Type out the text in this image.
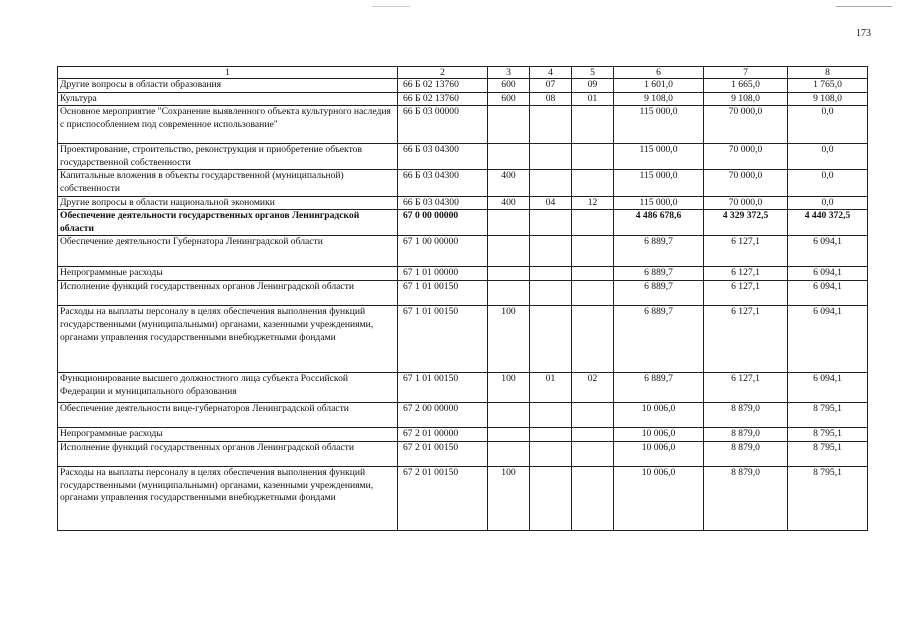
173
1	2	3	4	5	6	7	8
Другие вопросы в области образования	66 Б 02 13760	600	07	09	1 601,0	1 665,0	1 765,0
Культура	66 Б 02 13760	600	08	01	9 108,0	9 108,0	9 108,0
Основное мероприятие "Сохранение выявленного объекта культурного наследия с приспособлением под современное использование"	66 Б 03 00000				115 000,0	70 000,0	0,0
Проектирование, строительство, реконструкция и приобретение объектов государственной собственности	66 Б 03 04300				115 000,0	70 000,0	0,0
Капитальные вложения в объекты государственной (муниципальной) собственности	66 Б 03 04300	400			115 000,0	70 000,0	0,0
Другие вопросы в области национальной экономики	66 Б 03 04300	400	04	12	115 000,0	70 000,0	0,0
Обеспечение деятельности государственных органов Ленинградской области	67 0 00 00000				4 486 678,6	4 329 372,5	4 440 372,5
Обеспечение деятельности Губернатора Ленинградской области	67 1 00 00000				6 889,7	6 127,1	6 094,1
Непрограммные расходы	67 1 01 00000				6 889,7	6 127,1	6 094,1
Исполнение функций государственных органов Ленинградской области	67 1 01 00150				6 889,7	6 127,1	6 094,1
Расходы на выплаты персоналу в целях обеспечения выполнения функций государственными (муниципальными) органами, казенными учреждениями, органами управления государственными внебюджетными фондами	67 1 01 00150	100			6 889,7	6 127,1	6 094,1
Функционирование высшего должностного лица субъекта Российской Федерации и муниципального образования	67 1 01 00150	100	01	02	6 889,7	6 127,1	6 094,1
Обеспечение деятельности вице-губернаторов Ленинградской области	67 2 00 00000				10 006,0	8 879,0	8 795,1
Непрограммные расходы	67 2 01 00000				10 006,0	8 879,0	8 795,1
Исполнение функций государственных органов Ленинградской области	67 2 01 00150				10 006,0	8 879,0	8 795,1
Расходы на выплаты персоналу в целях обеспечения выполнения функций государственными (муниципальными) органами, казенными учреждениями, органами управления государственными внебюджетными фондами	67 2 01 00150	100			10 006,0	8 879,0	8 795,1
